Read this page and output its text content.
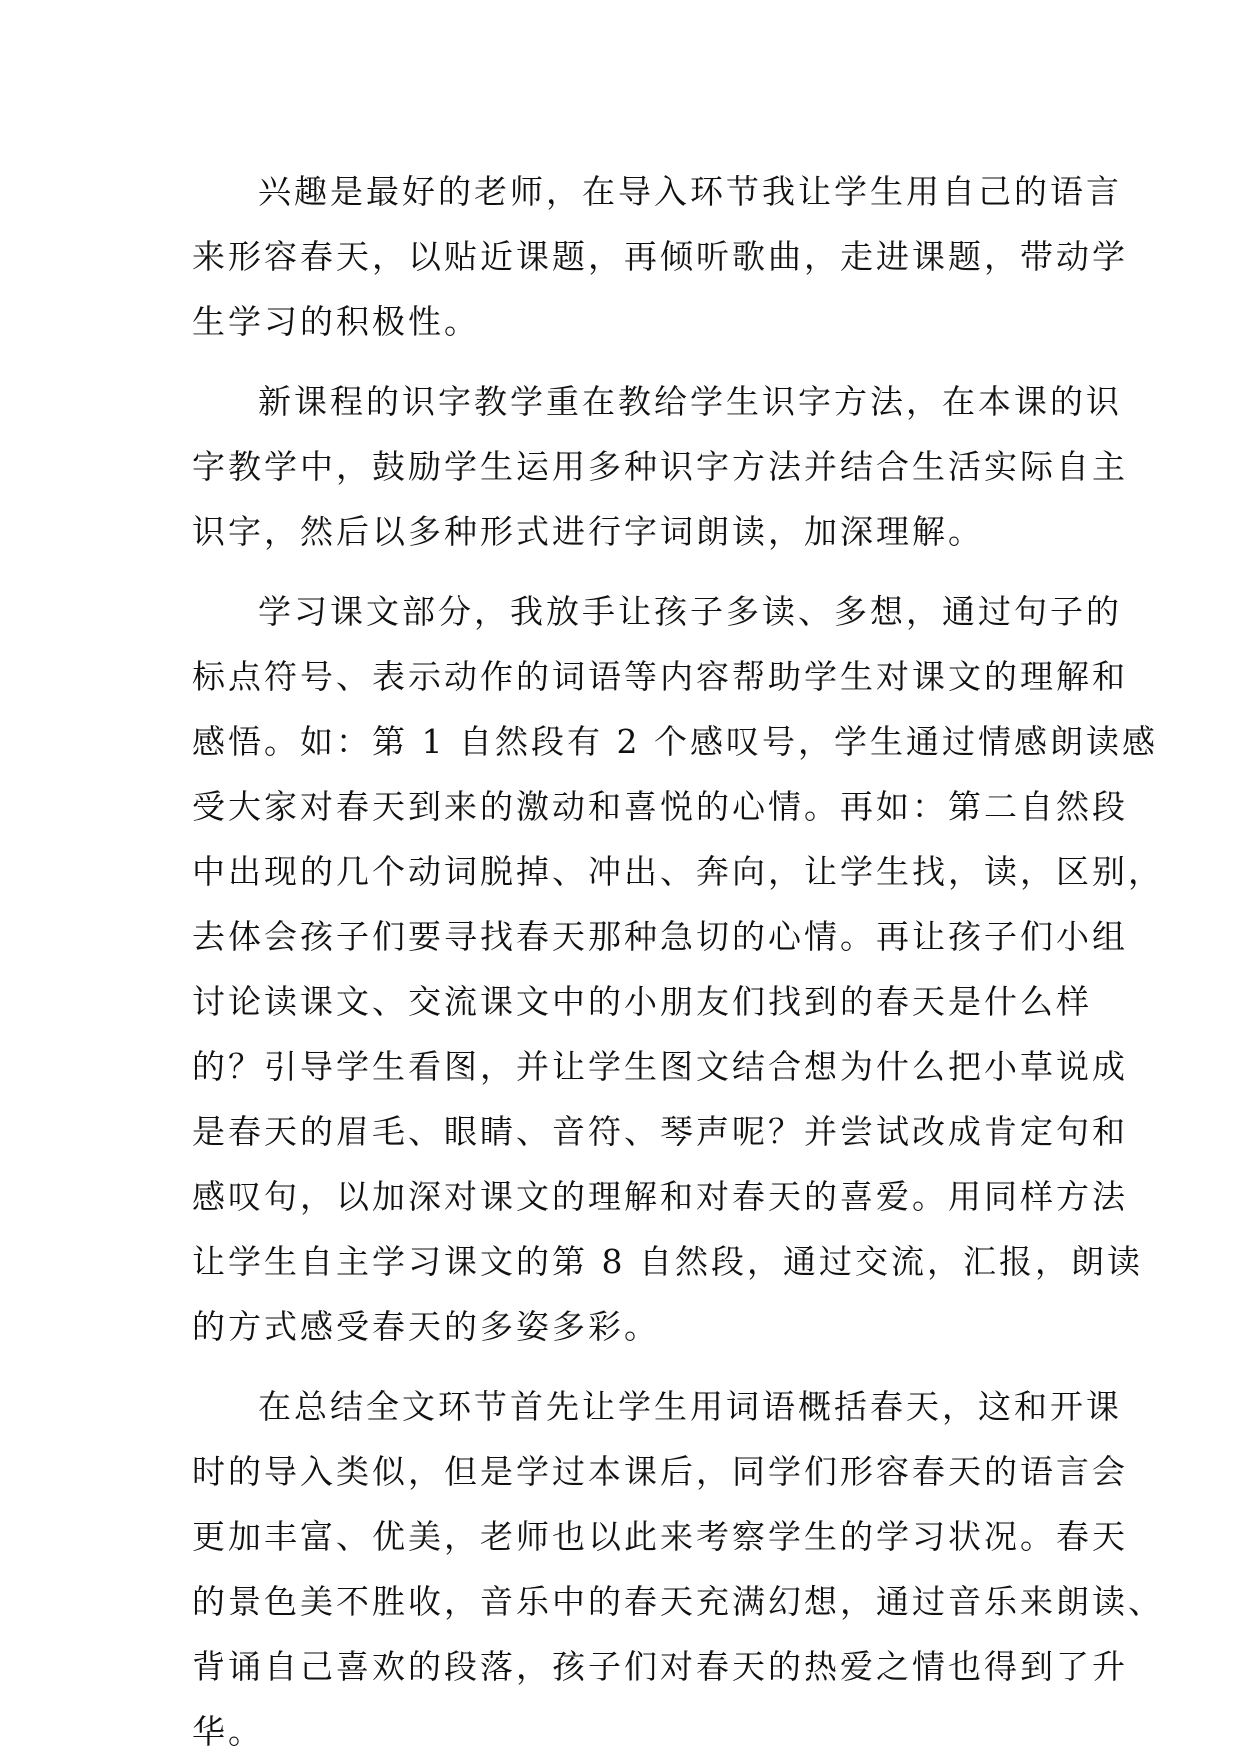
兴趣是最好的老师，在导入环节我让学生用自己的语言
来形容春天，以贴近课题，再倾听歌曲，走进课题，带动学
生学习的积极性。
新课程的识字教学重在教给学生识字方法，在本课的识
字教学中，鼓励学生运用多种识字方法并结合生活实际自主
识字，然后以多种形式进行字词朗读，加深理解。
学习课文部分，我放手让孩子多读、多想，通过句子的
标点符号、表示动作的词语等内容帮助学生对课文的理解和
感悟。如：第 1 自然段有 2 个感叹号，学生通过情感朗读感
受大家对春天到来的激动和喜悦的心情。再如：第二自然段
中出现的几个动词脱掉、冲出、奔向，让学生找，读，区别，
去体会孩子们要寻找春天那种急切的心情。再让孩子们小组
讨论读课文、交流课文中的小朋友们找到的春天是什么样
的？引导学生看图，并让学生图文结合想为什么把小草说成
是春天的眉毛、眼睛、音符、琴声呢？并尝试改成肯定句和
感叹句，以加深对课文的理解和对春天的喜爱。用同样方法
让学生自主学习课文的第 8 自然段，通过交流，汇报，朗读
的方式感受春天的多姿多彩。
在总结全文环节首先让学生用词语概括春天，这和开课
时的导入类似，但是学过本课后，同学们形容春天的语言会
更加丰富、优美，老师也以此来考察学生的学习状况。春天
的景色美不胜收，音乐中的春天充满幻想，通过音乐来朗读、
背诵自己喜欢的段落，孩子们对春天的热爱之情也得到了升
华。
